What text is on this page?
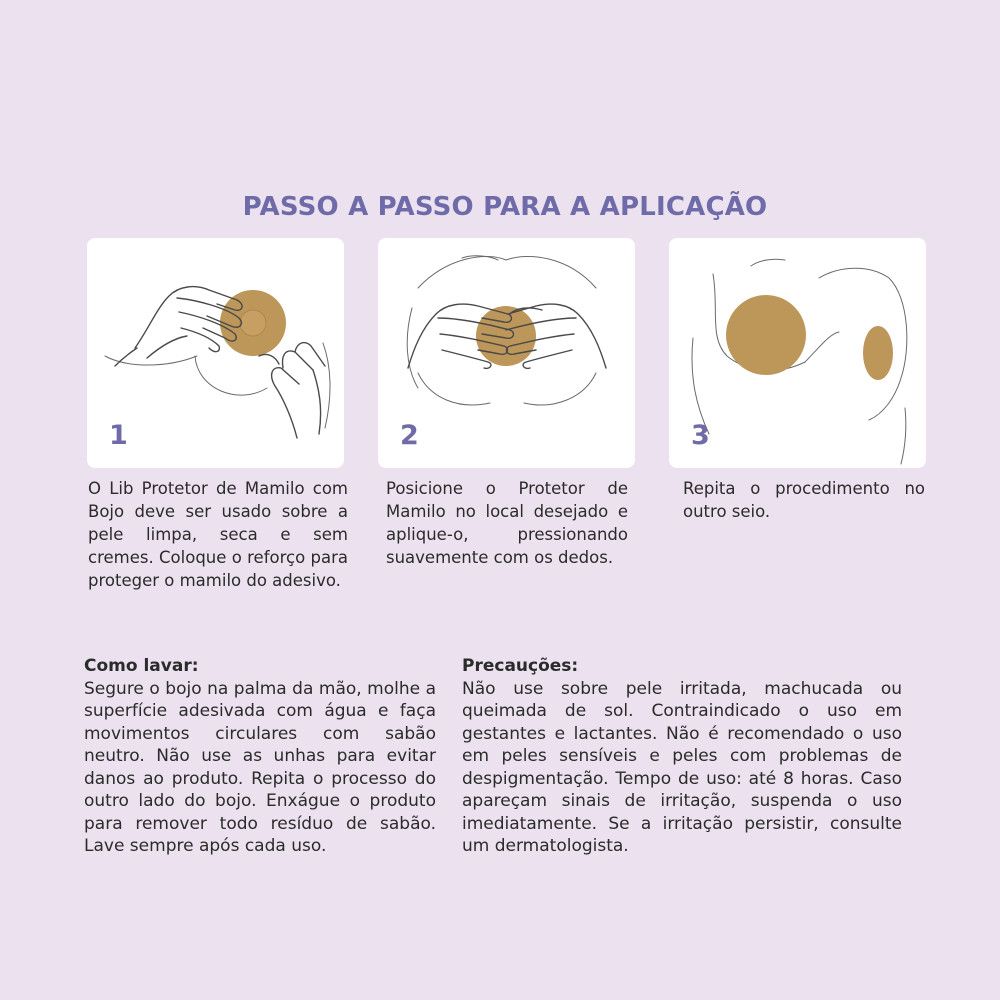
PASSO A PASSO PARA A APLICAÇÃO
1	2	3
O Lib Protetor de Mamilo com Bojo deve ser usado sobre a pele limpa, seca e sem cremes. Coloque o reforço para proteger o mamilo do adesivo.
Posicione o Protetor de Mamilo no local desejado e aplique-o, pressionando suavemente com os dedos.
Repita o procedimento no outro seio.
Como lavar:
Segure o bojo na palma da mão, molhe a superfície adesivada com água e faça movimentos circulares com sabão neutro. Não use as unhas para evitar danos ao produto. Repita o processo do outro lado do bojo. Enxágue o produto para remover todo resíduo de sabão. Lave sempre após cada uso.
Precauções:
Não use sobre pele irritada, machucada ou queimada de sol. Contraindicado o uso em gestantes e lactantes. Não é recomendado o uso em peles sensíveis e peles com problemas de despigmentação. Tempo de uso: até 8 horas. Caso apareçam sinais de irritação, suspenda o uso imediatamente. Se a irritação persistir, consulte um dermatologista.
